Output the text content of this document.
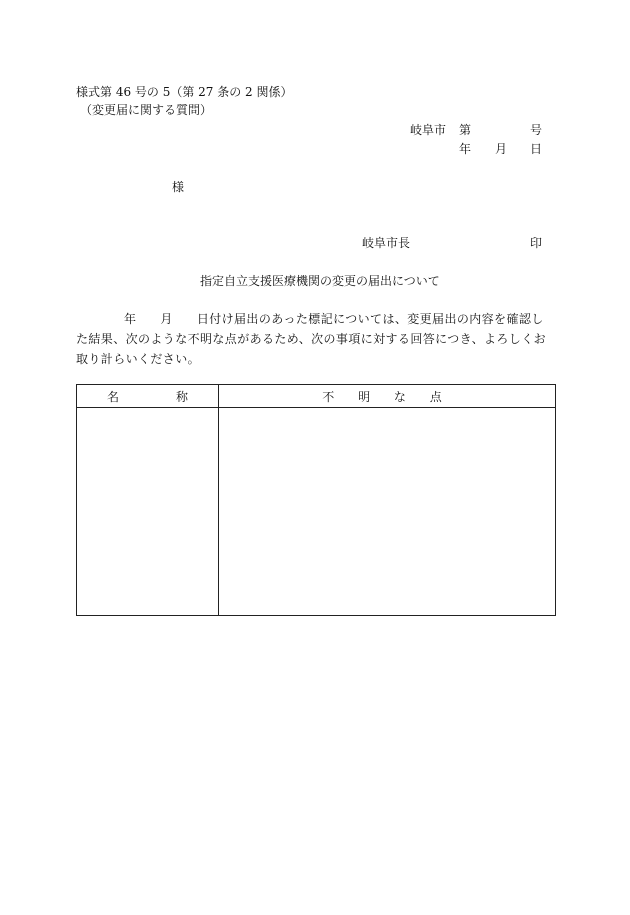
様式第 46 号の 5（第 27 条の 2 関係）
（変更届に関する質問）
岐阜市 第	号
年 月 日
様
岐阜市長	印
指定自立支援医療機関の変更の届出について
年 月 日付け届出のあった標記については、変更届出の内容を確認した結果、次のような不明な点があるため、次の事項に対する回答につき、よろしくお取り計らいください。
名 称	不 明 な 点
